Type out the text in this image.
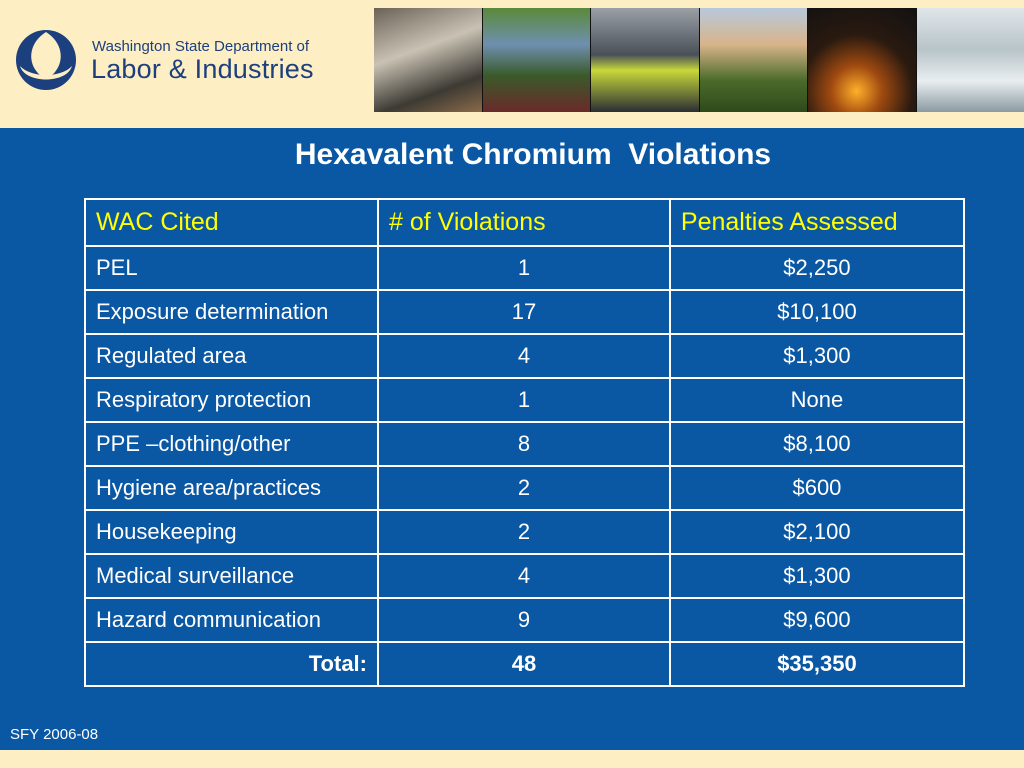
Washington State Department of
Labor & Industries
Hexavalent Chromium  Violations
WAC Cited	# of Violations	Penalties Assessed
PEL	1	$2,250
Exposure determination	17	$10,100
Regulated area	4	$1,300
Respiratory protection	1	None
PPE –clothing/other	8	$8,100
Hygiene area/practices	2	$600
Housekeeping	2	$2,100
Medical surveillance	4	$1,300
Hazard communication	9	$9,600
Total:	48	$35,350
SFY 2006-08
